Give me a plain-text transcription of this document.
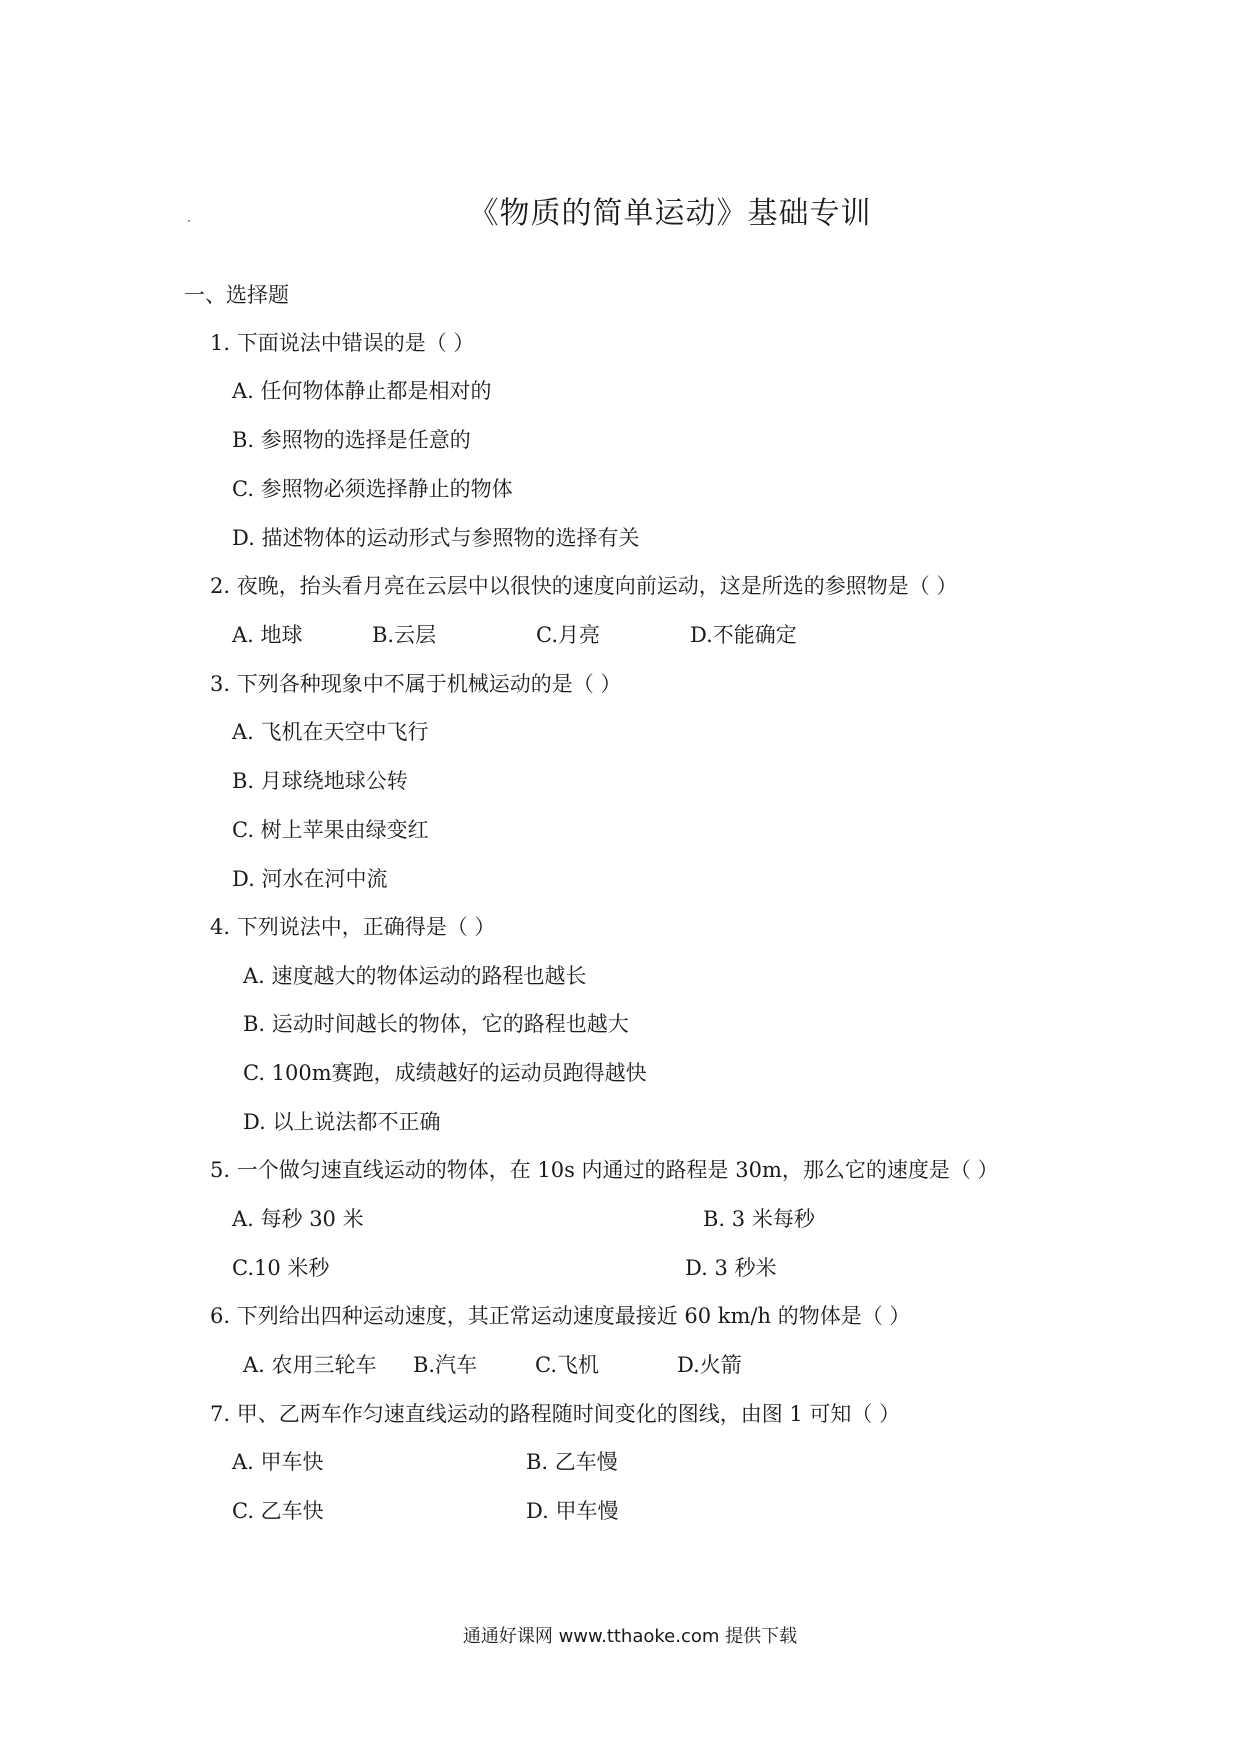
《物质的简单运动》基础专训
一、选择题
1. 下面说法中错误的是（ ）
A. 任何物体静止都是相对的
B. 参照物的选择是任意的
C. 参照物必须选择静止的物体
D. 描述物体的运动形式与参照物的选择有关
2. 夜晚，抬头看月亮在云层中以很快的速度向前运动，这是所选的参照物是（ ）
A. 地球	B.云层	C.月亮	D.不能确定
3. 下列各种现象中不属于机械运动的是（ ）
A. 飞机在天空中飞行
B. 月球绕地球公转
C. 树上苹果由绿变红
D. 河水在河中流
4. 下列说法中，正确得是（ ）
A. 速度越大的物体运动的路程也越长
B. 运动时间越长的物体，它的路程也越大
C. 100m赛跑，成绩越好的运动员跑得越快
D. 以上说法都不正确
5. 一个做匀速直线运动的物体，在 10s 内通过的路程是 30m，那么它的速度是（ ）
A. 每秒 30 米	B. 3 米每秒
C.10 米秒	D. 3 秒米
6. 下列给出四种运动速度，其正常运动速度最接近 60 km/h 的物体是（ ）
A. 农用三轮车 B.汽车	C.飞机	D.火箭
7. 甲、乙两车作匀速直线运动的路程随时间变化的图线，由图 1 可知（ ）
A. 甲车快	B. 乙车慢
C. 乙车快	D. 甲车慢
通通好课网 www.tthaoke.com 提供下载
